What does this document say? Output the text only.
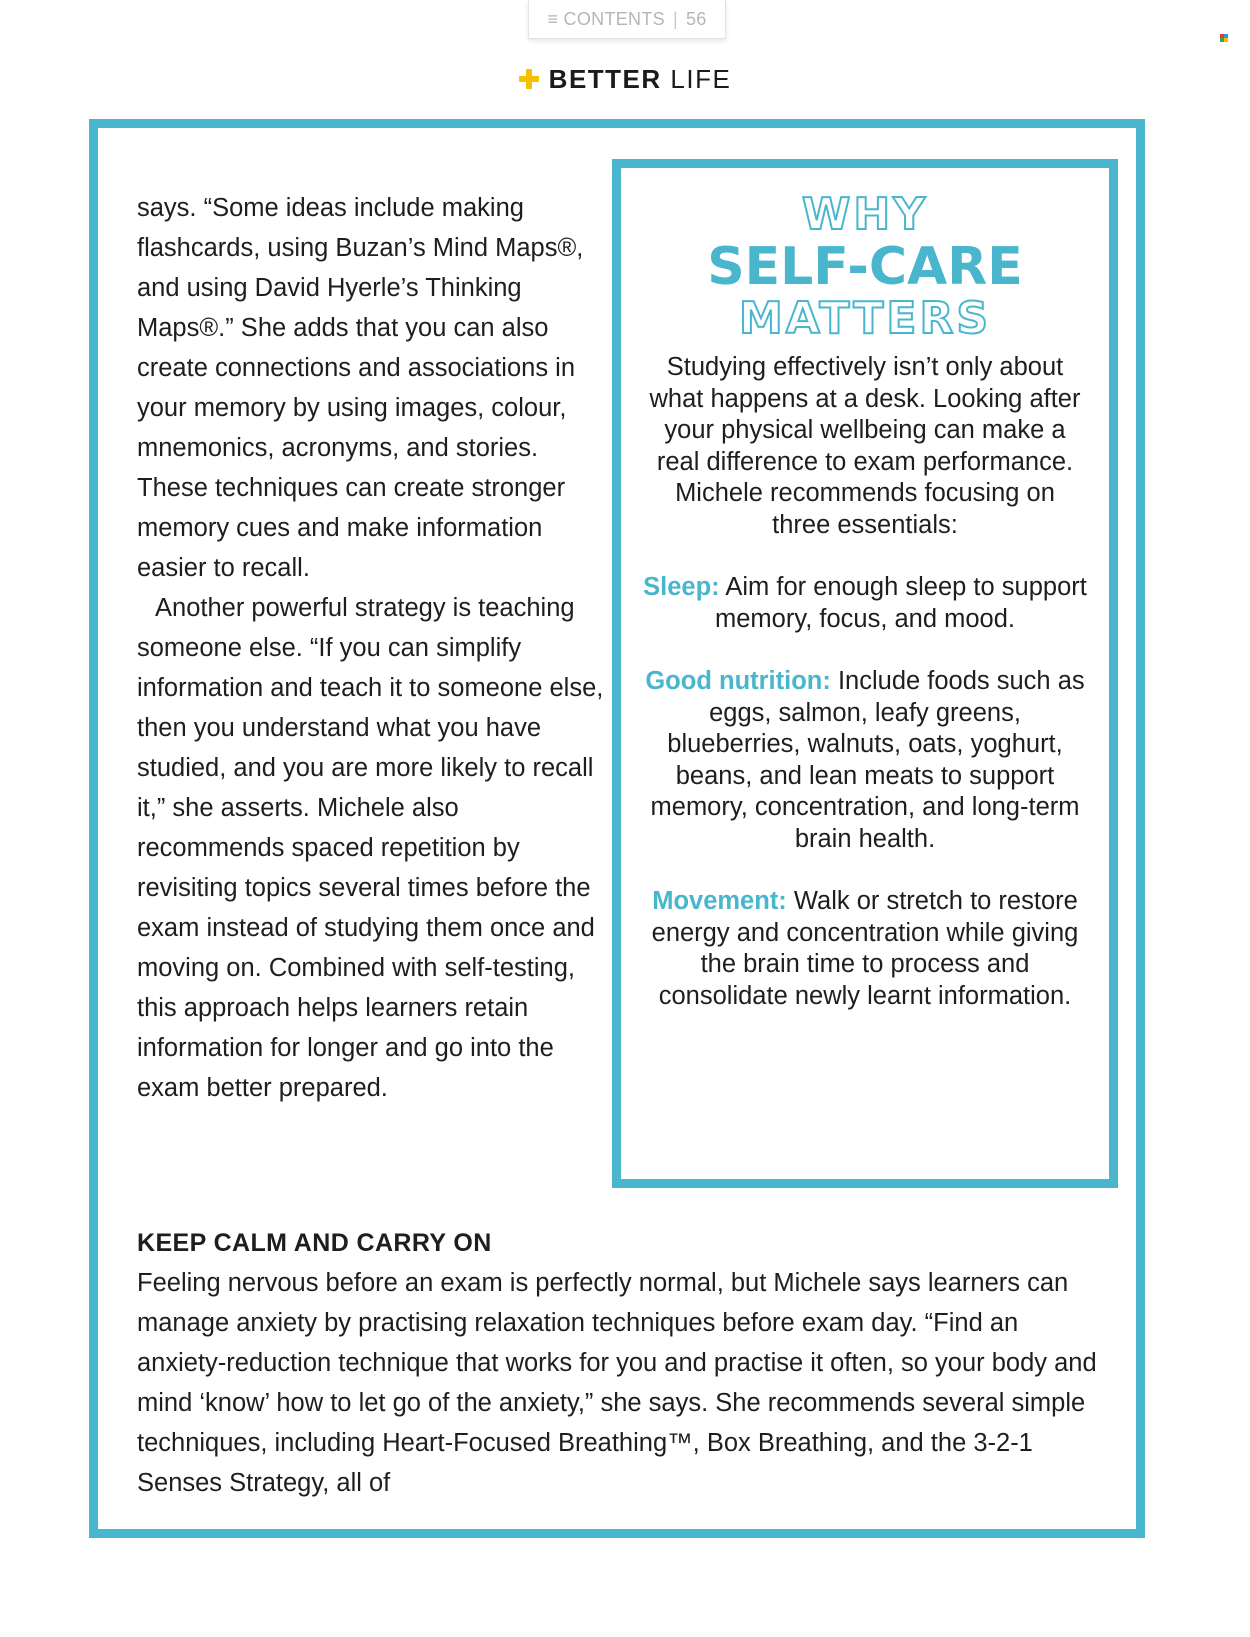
≡ CONTENTS | 56
BETTER LIFE

says. “Some ideas include making flashcards, using Buzan’s Mind Maps®, and using David Hyerle’s Thinking Maps®.” She adds that you can also create connections and associations in your memory by using images, colour, mnemonics, acronyms, and stories. These techniques can create stronger memory cues and make information easier to recall.

Another powerful strategy is teaching someone else. “If you can simplify information and teach it to someone else, then you understand what you have studied, and you are more likely to recall it,” she asserts. Michele also recommends spaced repetition by revisiting topics several times before the exam instead of studying them once and moving on. Combined with self-testing, this approach helps learners retain information for longer and go into the exam better prepared.

WHY
SELF-CARE
MATTERS
Studying effectively isn’t only about what happens at a desk. Looking after your physical wellbeing can make a real difference to exam performance. Michele recommends focusing on three essentials:
Sleep: Aim for enough sleep to support memory, focus, and mood.
Good nutrition: Include foods such as eggs, salmon, leafy greens, blueberries, walnuts, oats, yoghurt, beans, and lean meats to support memory, concentration, and long-term brain health.
Movement: Walk or stretch to restore energy and concentration while giving the brain time to process and consolidate newly learnt information.
KEEP CALM AND CARRY ON

Feeling nervous before an exam is perfectly normal, but Michele says learners can manage anxiety by practising relaxation techniques before exam day. “Find an anxiety-reduction technique that works for you and practise it often, so your body and mind ‘know’ how to let go of the anxiety,” she says. She recommends several simple techniques, including Heart-Focused Breathing™, Box Breathing, and the 3-2-1 Senses Strategy, all of
